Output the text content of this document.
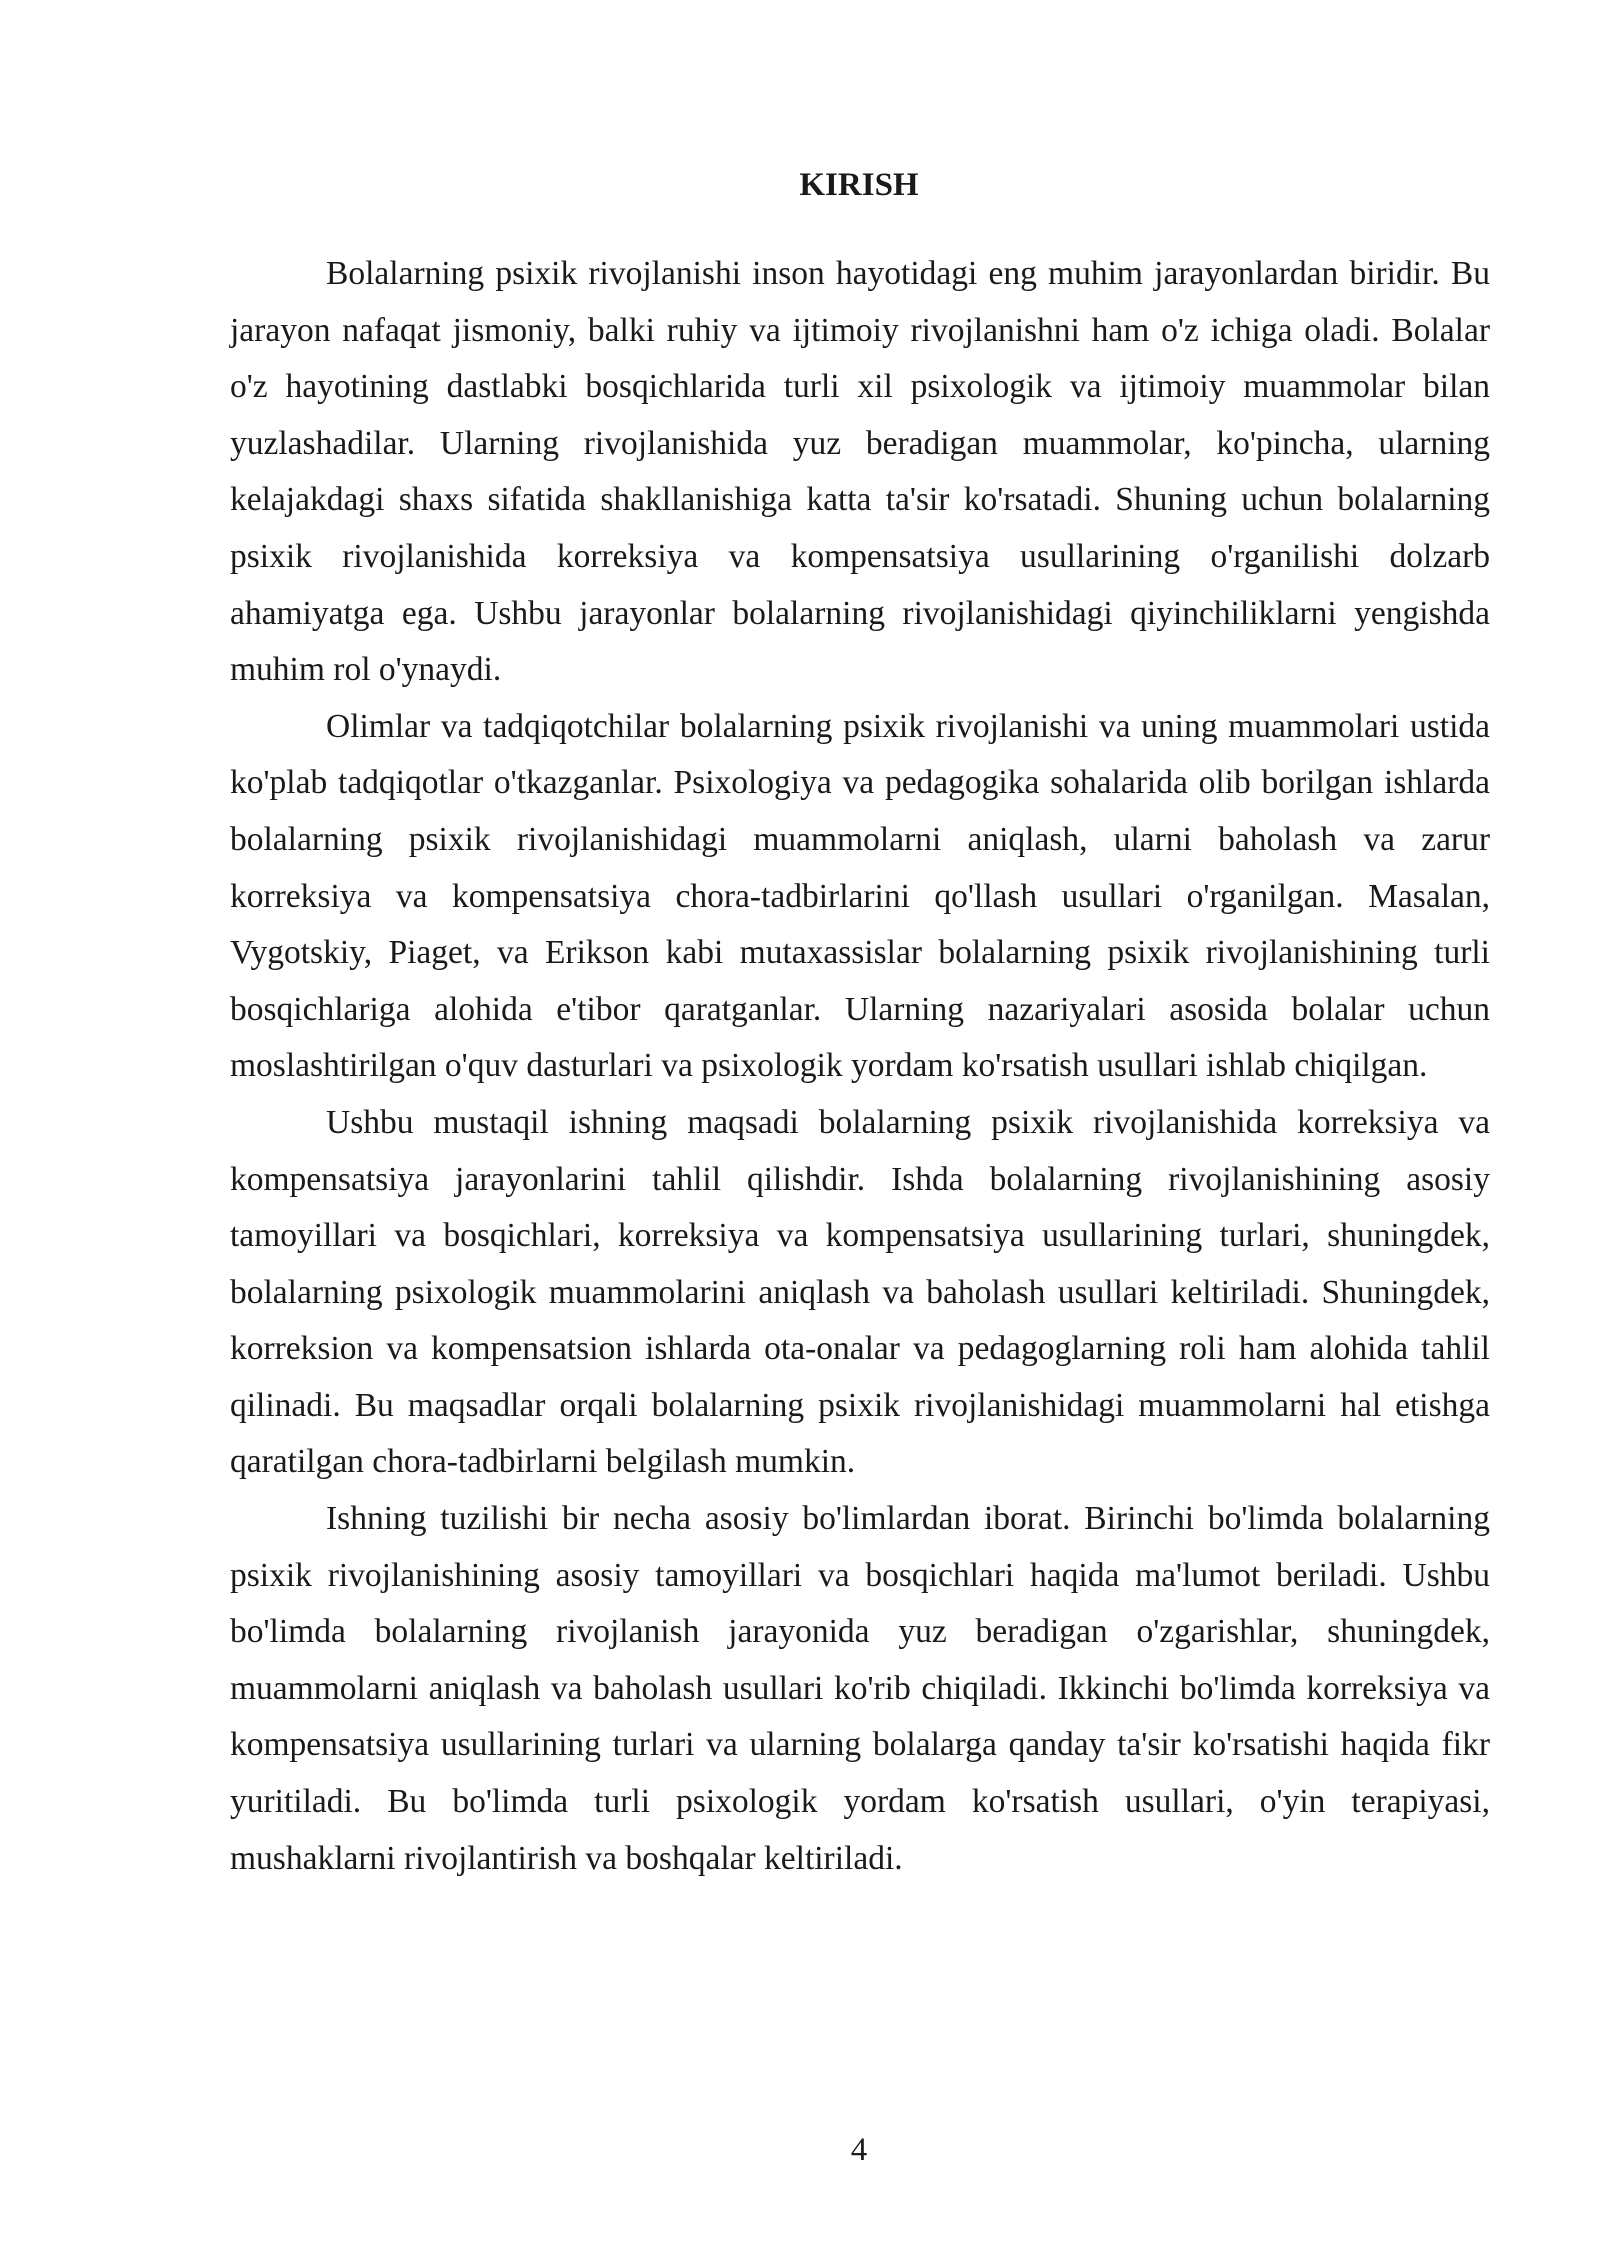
KIRISH

Bolalarning psixik rivojlanishi inson hayotidagi eng muhim jarayonlardan biridir. Bu jarayon nafaqat jismoniy, balki ruhiy va ijtimoiy rivojlanishni ham o'z ichiga oladi. Bolalar o'z hayotining dastlabki bosqichlarida turli xil psixologik va ijtimoiy muammolar bilan yuzlashadilar. Ularning rivojlanishida yuz beradigan muammolar, ko'pincha, ularning kelajakdagi shaxs sifatida shakllanishiga katta ta'sir ko'rsatadi. Shuning uchun bolalarning psixik rivojlanishida korreksiya va kompensatsiya usullarining o'rganilishi dolzarb ahamiyatga ega. Ushbu jarayonlar bolalarning rivojlanishidagi qiyinchiliklarni yengishda muhim rol o'ynaydi.

Olimlar va tadqiqotchilar bolalarning psixik rivojlanishi va uning muammolari ustida ko'plab tadqiqotlar o'tkazganlar. Psixologiya va pedagogika sohalarida olib borilgan ishlarda bolalarning psixik rivojlanishidagi muammolarni aniqlash, ularni baholash va zarur korreksiya va kompensatsiya chora-tadbirlarini qo'llash usullari o'rganilgan. Masalan, Vygotskiy, Piaget, va Erikson kabi mutaxassislar bolalarning psixik rivojlanishining turli bosqichlariga alohida e'tibor qaratganlar. Ularning nazariyalari asosida bolalar uchun moslashtirilgan o'quv dasturlari va psixologik yordam ko'rsatish usullari ishlab chiqilgan.

Ushbu mustaqil ishning maqsadi bolalarning psixik rivojlanishida korreksiya va kompensatsiya jarayonlarini tahlil qilishdir. Ishda bolalarning rivojlanishining asosiy tamoyillari va bosqichlari, korreksiya va kompensatsiya usullarining turlari, shuningdek, bolalarning psixologik muammolarini aniqlash va baholash usullari keltiriladi. Shuningdek, korreksion va kompensatsion ishlarda ota-onalar va pedagoglarning roli ham alohida tahlil qilinadi. Bu maqsadlar orqali bolalarning psixik rivojlanishidagi muammolarni hal etishga qaratilgan chora-tadbirlarni belgilash mumkin.

Ishning tuzilishi bir necha asosiy bo'limlardan iborat. Birinchi bo'limda bolalarning psixik rivojlanishining asosiy tamoyillari va bosqichlari haqida ma'lumot beriladi. Ushbu bo'limda bolalarning rivojlanish jarayonida yuz beradigan o'zgarishlar, shuningdek, muammolarni aniqlash va baholash usullari ko'rib chiqiladi. Ikkinchi bo'limda korreksiya va kompensatsiya usullarining turlari va ularning bolalarga qanday ta'sir ko'rsatishi haqida fikr yuritiladi. Bu bo'limda turli psixologik yordam ko'rsatish usullari, o'yin terapiyasi, mushaklarni rivojlantirish va boshqalar keltiriladi.

4
